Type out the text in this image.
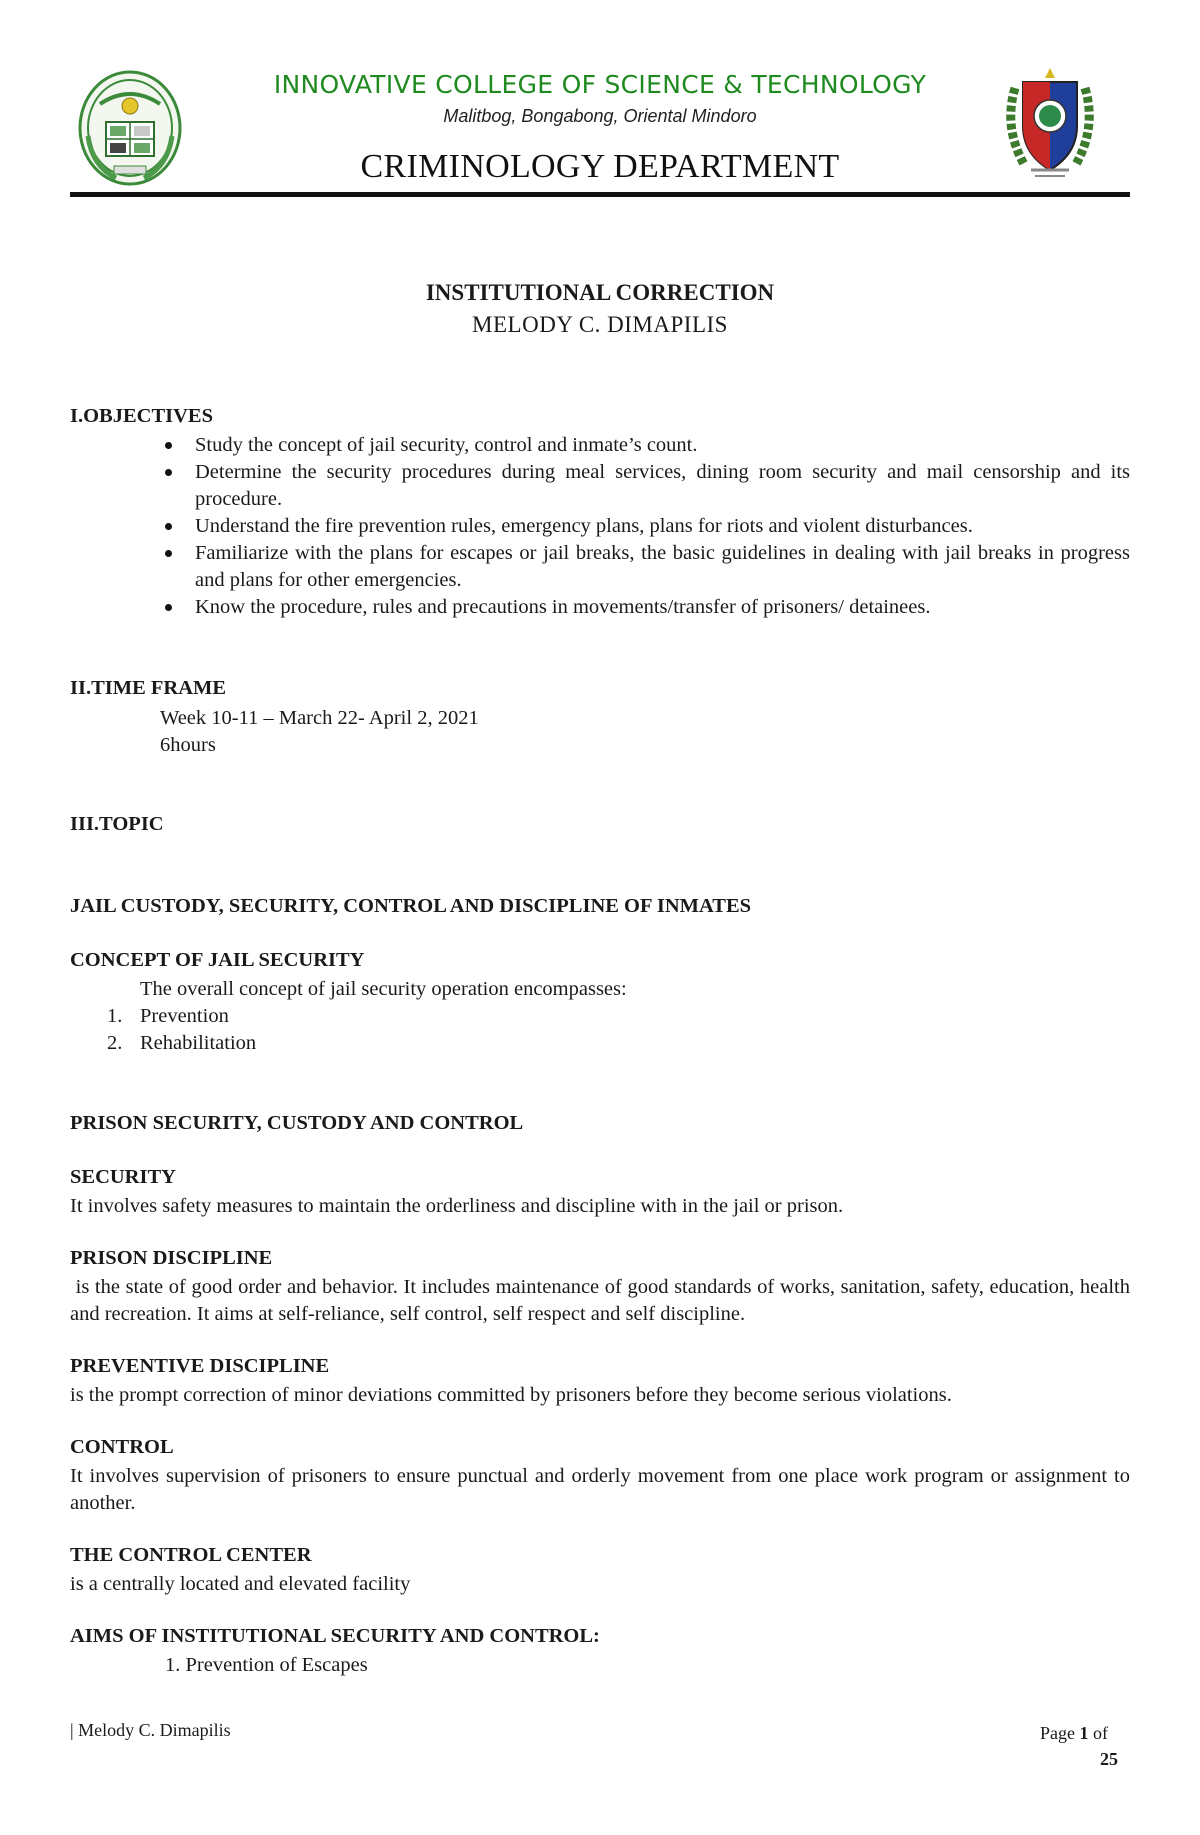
INNOVATIVE COLLEGE OF SCIENCE & TECHNOLOGY
Malitbog, Bongabong, Oriental Mindoro
CRIMINOLOGY DEPARTMENT
INSTITUTIONAL CORRECTION
MELODY C. DIMAPILIS
I.OBJECTIVES
Study the concept of jail security, control and inmate’s count.
Determine the security procedures during meal services, dining room security and mail censorship and its procedure.
Understand the fire prevention rules, emergency plans, plans for riots and violent disturbances.
Familiarize with the plans for escapes or jail breaks, the basic guidelines in dealing with jail breaks in progress and plans for other emergencies.
Know the procedure, rules and precautions in movements/transfer of prisoners/ detainees.
II.TIME FRAME
Week 10-11 – March 22- April 2, 2021
6hours
III.TOPIC
JAIL CUSTODY, SECURITY, CONTROL AND DISCIPLINE OF INMATES
CONCEPT OF JAIL SECURITY
The overall concept of jail security operation encompasses:
1. Prevention
2. Rehabilitation
PRISON SECURITY, CUSTODY AND CONTROL
SECURITY
It involves safety measures to maintain the orderliness and discipline with in the jail or prison.
PRISON DISCIPLINE
is the state of good order and behavior. It includes maintenance of good standards of works, sanitation, safety, education, health and recreation. It aims at self-reliance, self control, self respect and self discipline.
PREVENTIVE DISCIPLINE
is the prompt correction of minor deviations committed by prisoners before they become serious violations.
CONTROL
It involves supervision of prisoners to ensure punctual and orderly movement from one place work program or assignment to another.
THE CONTROL CENTER
is a centrally located and elevated facility
AIMS OF INSTITUTIONAL SECURITY AND CONTROL:
1. Prevention of Escapes
| Melody C. Dimapilis	Page 1 of
25
